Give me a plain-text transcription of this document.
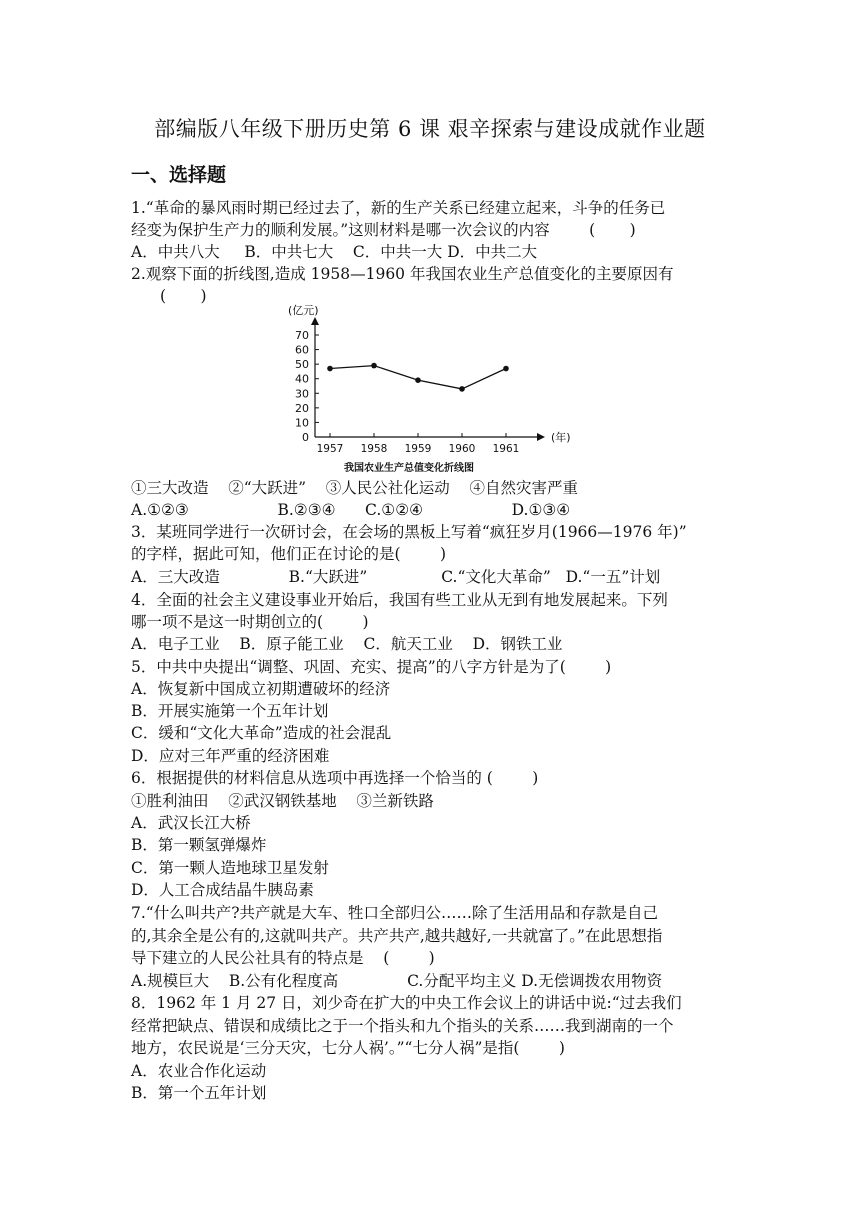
部编版八年级下册历史第 6 课 艰辛探索与建设成就作业题
一、选择题
1.“革命的暴风雨时期已经过去了，新的生产关系已经建立起来，斗争的任务已
经变为保护生产力的顺利发展。”这则材料是哪一次会议的内容        (       )
A．中共八大     B．中共七大    C．中共一大 D．中共二大
2.观察下面的折线图,造成 1958—1960 年我国农业生产总值变化的主要原因有
(       )
(亿元)
(年)
我国农业生产总值变化折线图
70
60
50
40
30
20
10
0
1957 1958 1959 1960 1961
①三大改造    ②“大跃进”    ③人民公社化运动    ④自然灾害严重
A.①②③                  B.②③④      C.①②④                  D.①③④
3．某班同学进行一次研讨会，在会场的黑板上写着“疯狂岁月(1966—1976 年)”
的字样，据此可知，他们正在讨论的是(        )
A．三大改造              B.“大跃进”               C.“文化大革命”   D.“一五”计划
4．全面的社会主义建设事业开始后，我国有些工业从无到有地发展起来。下列
哪一项不是这一时期创立的(        )
A．电子工业    B．原子能工业    C．航天工业    D．钢铁工业
5．中共中央提出“调整、巩固、充实、提高”的八字方针是为了(        )
A．恢复新中国成立初期遭破坏的经济
B．开展实施第一个五年计划
C．缓和“文化大革命”造成的社会混乱
D．应对三年严重的经济困难
6．根据提供的材料信息从选项中再选择一个恰当的 (        )
①胜利油田    ②武汉钢铁基地    ③兰新铁路
A．武汉长江大桥
B．第一颗氢弹爆炸
C．第一颗人造地球卫星发射
D．人工合成结晶牛胰岛素
7.“什么叫共产?共产就是大车、牲口全部归公……除了生活用品和存款是自己
的,其余全是公有的,这就叫共产。共产共产,越共越好,一共就富了。”在此思想指
导下建立的人民公社具有的特点是    (        )
A.规模巨大    B.公有化程度高              C.分配平均主义 D.无偿调拨农用物资
8．1962 年 1 月 27 日，刘少奇在扩大的中央工作会议上的讲话中说:“过去我们
经常把缺点、错误和成绩比之于一个指头和九个指头的关系……我到湖南的一个
地方，农民说是‘三分天灾，七分人祸’。”“七分人祸”是指(        )
A．农业合作化运动
B．第一个五年计划
